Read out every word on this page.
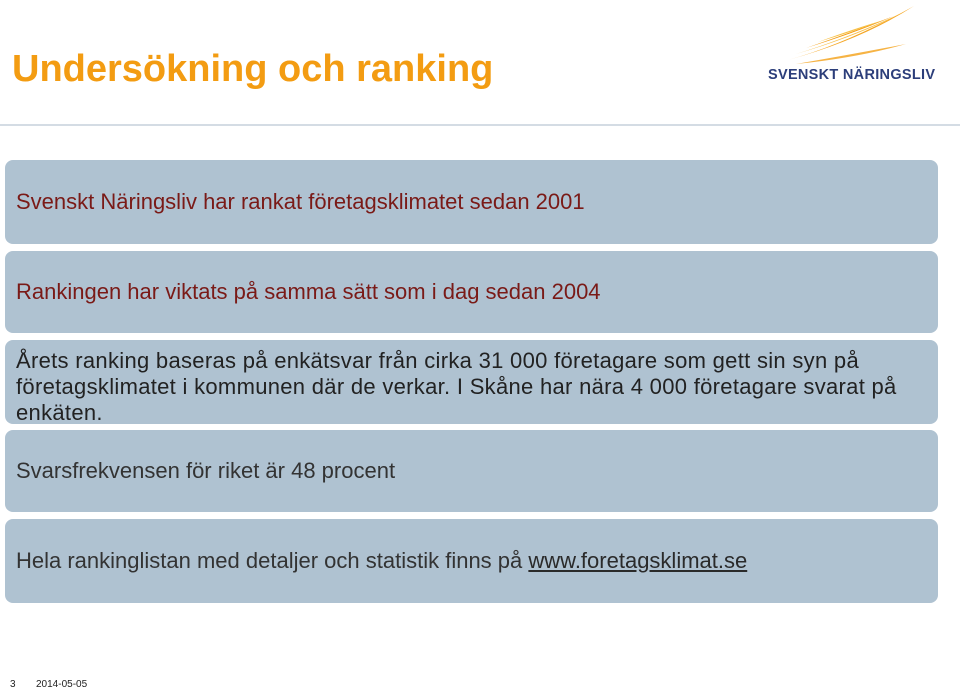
Undersökning och ranking	SVENSKT NÄRINGSLIV
Svenskt Näringsliv har rankat företagsklimatet sedan 2001
Rankingen har viktats på samma sätt som i dag sedan 2004
Årets ranking baseras på enkätsvar från cirka 31 000 företagare som gett sin syn på företagsklimatet i kommunen där de verkar. I Skåne har nära 4 000 företagare svarat på enkäten.
Svarsfrekvensen för riket är 48 procent
Hela rankinglistan med detaljer och statistik finns på www.foretagsklimat.se
3 2014-05-05
